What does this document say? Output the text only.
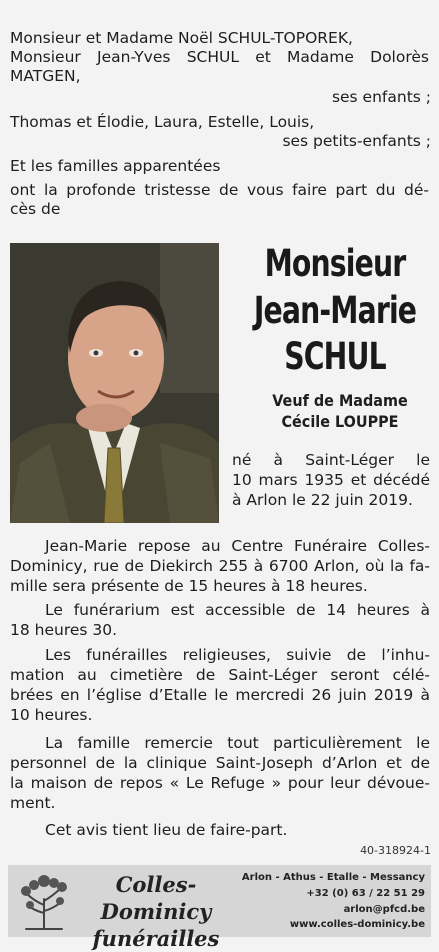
Monsieur et Madame Noël SCHUL-TOPOREK,

Monsieur Jean-Yves SCHUL et Madame Dolorès

MATGEN,

ses enfants ;

Thomas et Élodie, Laura, Estelle, Louis,

ses petits-enfants ;

Et les familles apparentées

ont la profonde tristesse de vous faire part du dé-

cès de

Monsieur
Jean-Marie
SCHUL
Veuf de Madame
Cécile LOUPPE

né à Saint-Léger le

10 mars 1935 et décédé

à Arlon le 22 juin 2019.

Jean-Marie repose au Centre Funéraire Colles-

Dominicy, rue de Diekirch 255 à 6700 Arlon, où la fa-

mille sera présente de 15 heures à 18 heures.

Le funérarium est accessible de 14 heures à

18 heures 30.

Les funérailles religieuses, suivie de l’inhu-

mation au cimetière de Saint-Léger seront célé-

brées en l’église d’Etalle le mercredi 26 juin 2019 à

10 heures.

La famille remercie tout particulièrement le

personnel de la clinique Saint-Joseph d’Arlon et de

la maison de repos « Le Refuge » pour leur dévoue-

ment.

Cet avis tient lieu de faire-part.

40-318924-1
Colles-Dominicy
funérailles
Arlon - Athus - Etalle - Messancy
+32 (0) 63 / 22 51 29
arlon@pfcd.be
www.colles-dominicy.be
